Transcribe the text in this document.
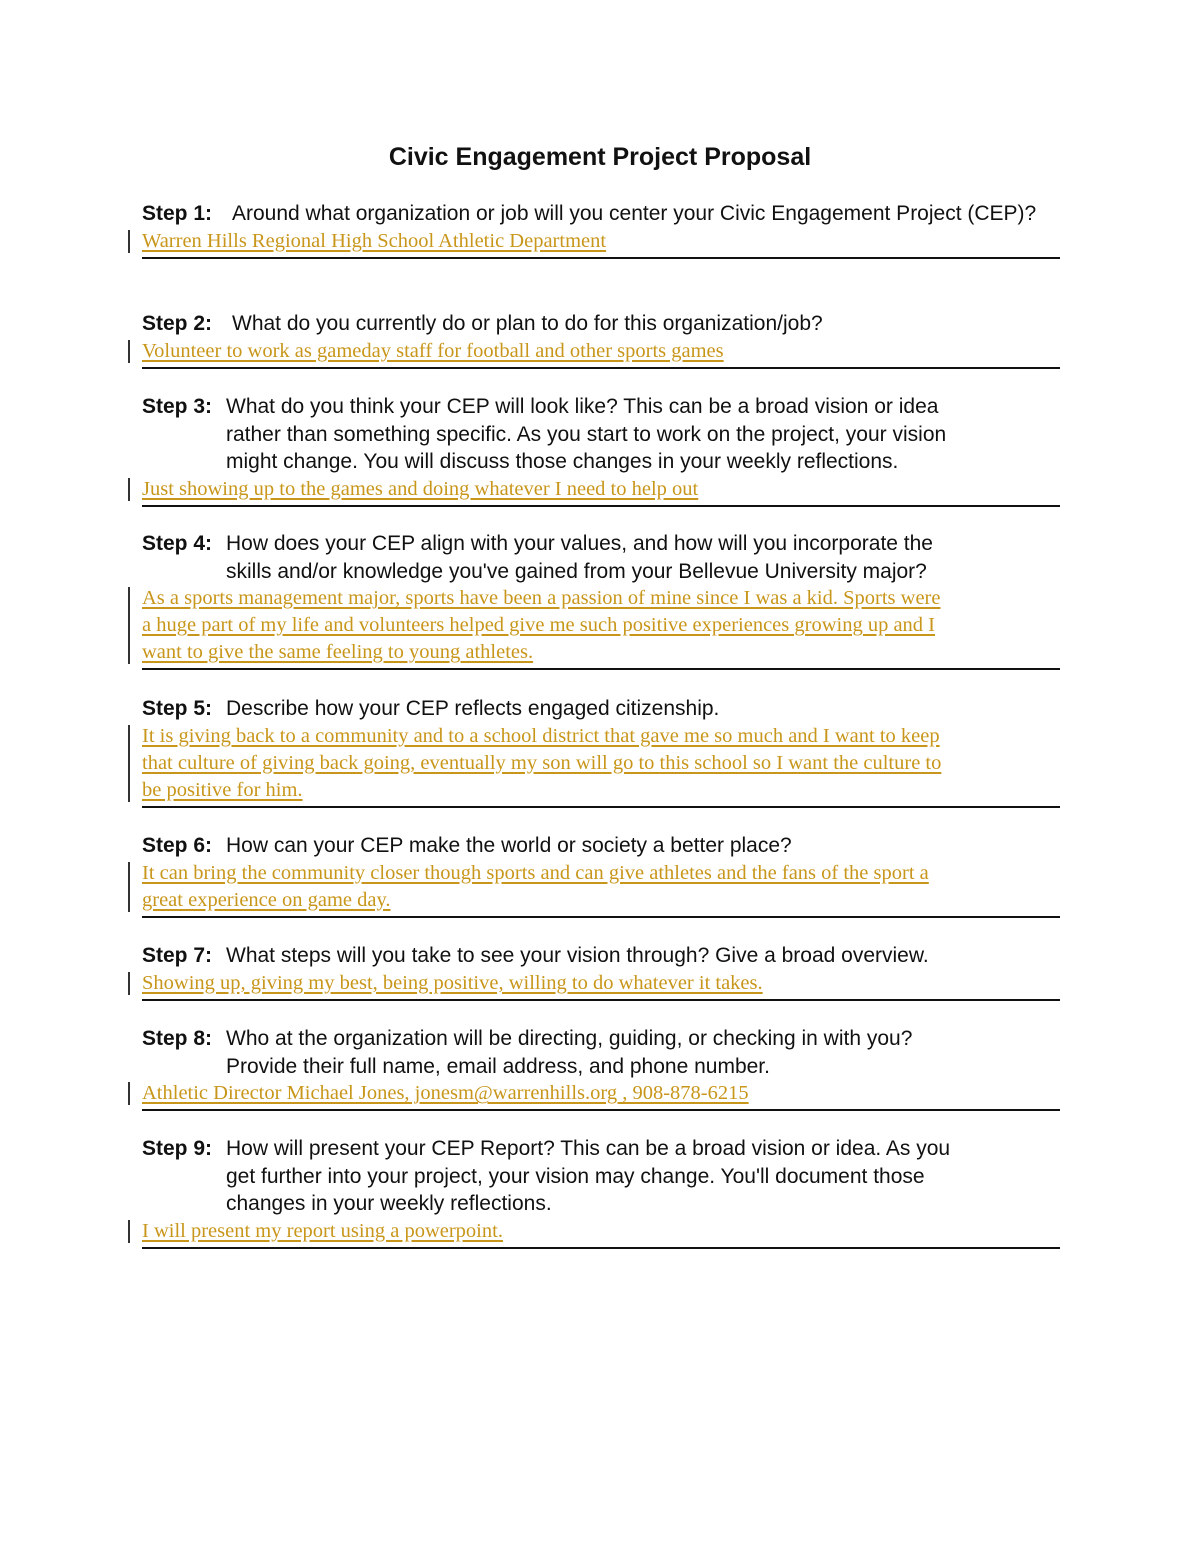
Civic Engagement Project Proposal
Step 1: Around what organization or job will you center your Civic Engagement Project (CEP)?
Warren Hills Regional High School Athletic Department
Step 2: What do you currently do or plan to do for this organization/job?
Volunteer to work as gameday staff for football and other sports games
Step 3: What do you think your CEP will look like? This can be a broad vision or idea
rather than something specific. As you start to work on the project, your vision
might change. You will discuss those changes in your weekly reflections.
Just showing up to the games and doing whatever I need to help out
Step 4: How does your CEP align with your values, and how will you incorporate the
skills and/or knowledge you've gained from your Bellevue University major?
As a sports management major, sports have been a passion of mine since I was a kid. Sports were
a huge part of my life and volunteers helped give me such positive experiences growing up and I
want to give the same feeling to young athletes.
Step 5: Describe how your CEP reflects engaged citizenship.
It is giving back to a community and to a school district that gave me so much and I want to keep
that culture of giving back going, eventually my son will go to this school so I want the culture to
be positive for him.
Step 6: How can your CEP make the world or society a better place?
It can bring the community closer though sports and can give athletes and the fans of the sport a
great experience on game day.
Step 7: What steps will you take to see your vision through? Give a broad overview.
Showing up, giving my best, being positive, willing to do whatever it takes.
Step 8: Who at the organization will be directing, guiding, or checking in with you?
Provide their full name, email address, and phone number.
Athletic Director Michael Jones, jonesm@warrenhills.org , 908-878-6215
Step 9: How will present your CEP Report? This can be a broad vision or idea. As you
get further into your project, your vision may change. You'll document those
changes in your weekly reflections.
I will present my report using a powerpoint.
